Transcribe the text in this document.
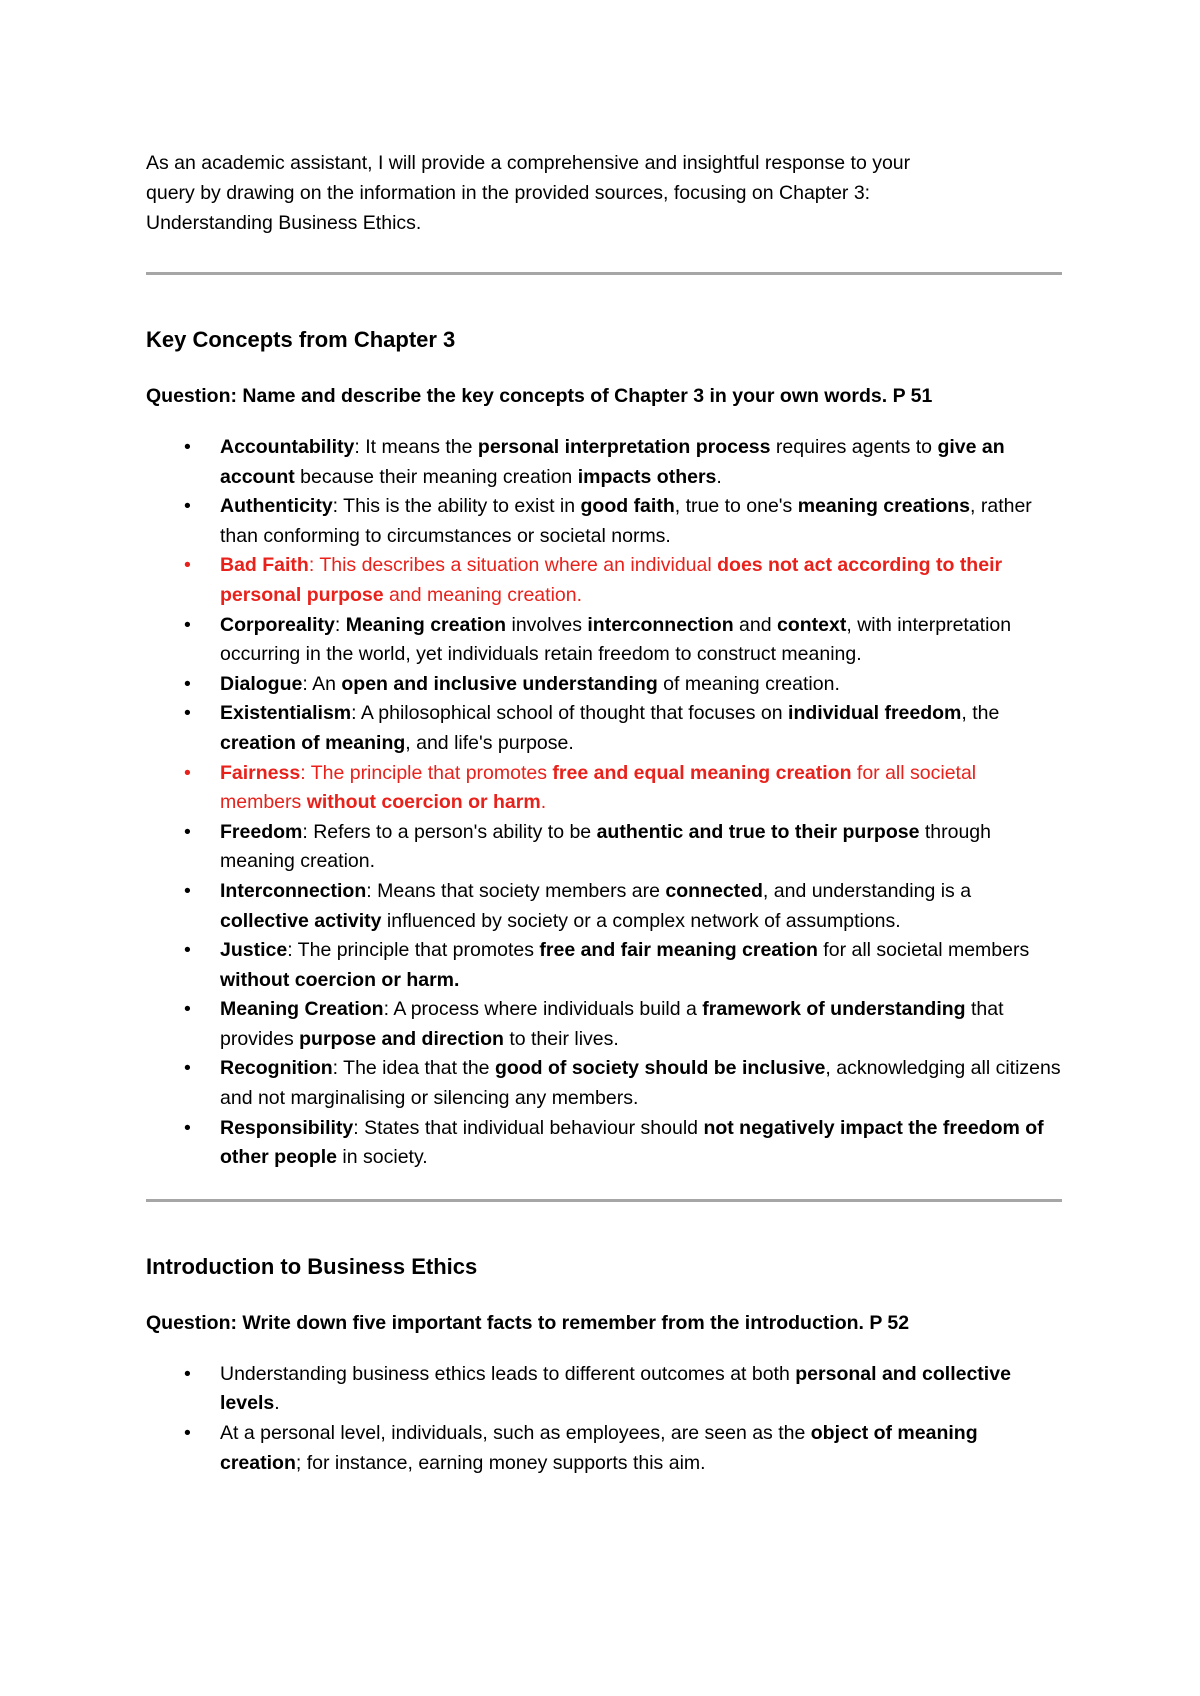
As an academic assistant, I will provide a comprehensive and insightful response to your

query by drawing on the information in the provided sources, focusing on Chapter 3:

Understanding Business Ethics.

Key Concepts from Chapter 3

Question: Name and describe the key concepts of Chapter 3 in your own words. P 51

• Accountability: It means the personal interpretation process requires agents to give an account because their meaning creation impacts others.
• Authenticity: This is the ability to exist in good faith, true to one's meaning creations, rather than conforming to circumstances or societal norms.
• Bad Faith: This describes a situation where an individual does not act according to their personal purpose and meaning creation.
• Corporeality: Meaning creation involves interconnection and context, with interpretation occurring in the world, yet individuals retain freedom to construct meaning.
• Dialogue: An open and inclusive understanding of meaning creation.
• Existentialism: A philosophical school of thought that focuses on individual freedom, the creation of meaning, and life's purpose.
• Fairness: The principle that promotes free and equal meaning creation for all societal members without coercion or harm.
• Freedom: Refers to a person's ability to be authentic and true to their purpose through meaning creation.
• Interconnection: Means that society members are connected, and understanding is a collective activity influenced by society or a complex network of assumptions.
• Justice: The principle that promotes free and fair meaning creation for all societal members without coercion or harm.
• Meaning Creation: A process where individuals build a framework of understanding that provides purpose and direction to their lives.
• Recognition: The idea that the good of society should be inclusive, acknowledging all citizens and not marginalising or silencing any members.
• Responsibility: States that individual behaviour should not negatively impact the freedom of other people in society.

Introduction to Business Ethics

Question: Write down five important facts to remember from the introduction. P 52

• Understanding business ethics leads to different outcomes at both personal and collective levels.
• At a personal level, individuals, such as employees, are seen as the object of meaning creation; for instance, earning money supports this aim.
